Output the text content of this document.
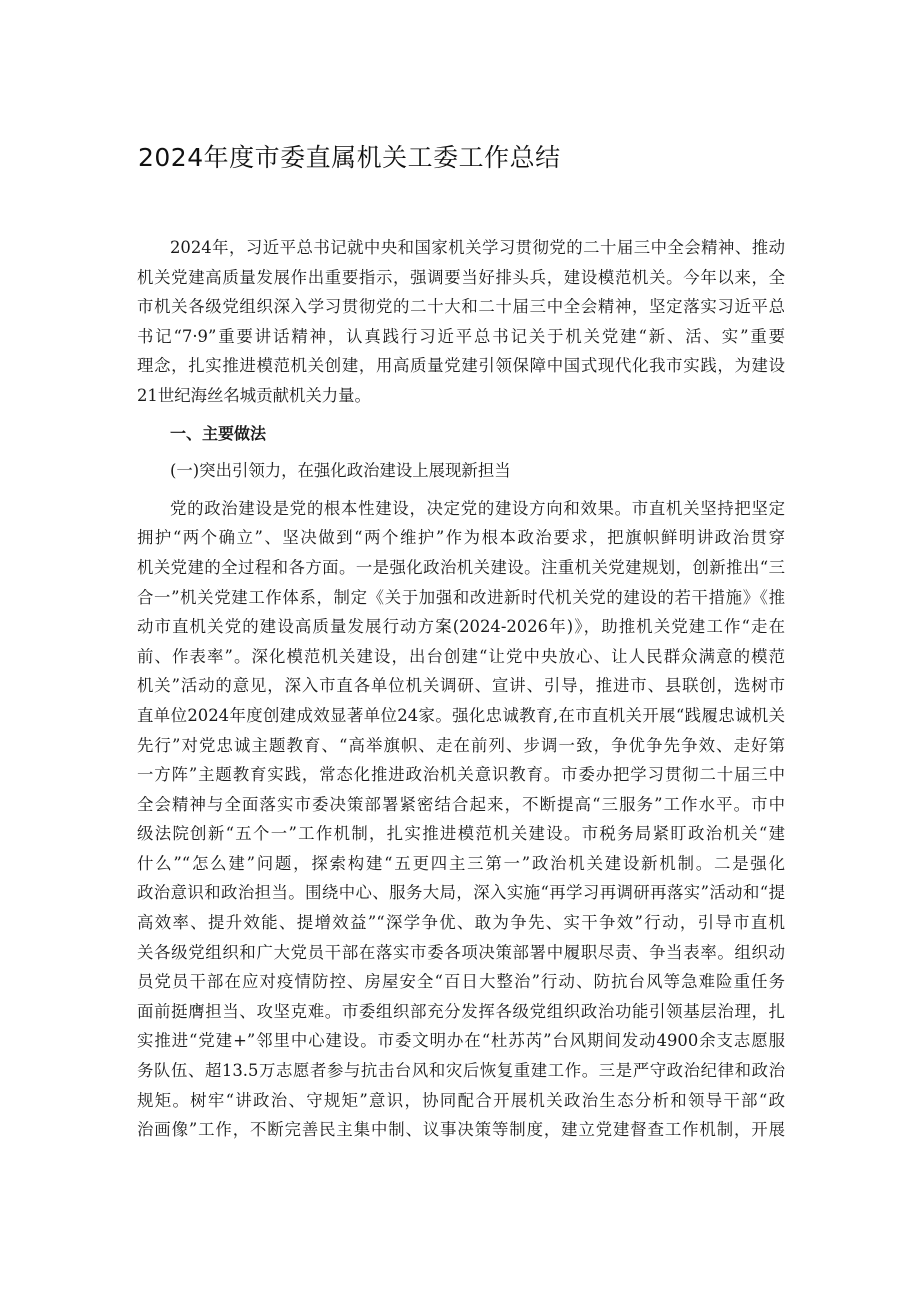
2024年度市委直属机关工委工作总结
2024年，习近平总书记就中央和国家机关学习贯彻党的二十届三中全会精神、推动
机关党建高质量发展作出重要指示，强调要当好排头兵，建设模范机关。今年以来，全
市机关各级党组织深入学习贯彻党的二十大和二十届三中全会精神，坚定落实习近平总
书记“7·9”重要讲话精神，认真践行习近平总书记关于机关党建“新、活、实”重要
理念，扎实推进模范机关创建，用高质量党建引领保障中国式现代化我市实践，为建设
21世纪海丝名城贡献机关力量。
一、主要做法
(一)突出引领力，在强化政治建设上展现新担当
党的政治建设是党的根本性建设，决定党的建设方向和效果。市直机关坚持把坚定
拥护“两个确立”、坚决做到“两个维护”作为根本政治要求，把旗帜鲜明讲政治贯穿
机关党建的全过程和各方面。一是强化政治机关建设。注重机关党建规划，创新推出“三
合一”机关党建工作体系，制定《关于加强和改进新时代机关党的建设的若干措施》《推
动市直机关党的建设高质量发展行动方案(2024-2026年)》，助推机关党建工作“走在
前、作表率”。深化模范机关建设，出台创建“让党中央放心、让人民群众满意的模范
机关”活动的意见，深入市直各单位机关调研、宣讲、引导，推进市、县联创，选树市
直单位2024年度创建成效显著单位24家。强化忠诚教育,在市直机关开展“践履忠诚机关
先行”对党忠诚主题教育、“高举旗帜、走在前列、步调一致，争优争先争效、走好第
一方阵”主题教育实践，常态化推进政治机关意识教育。市委办把学习贯彻二十届三中
全会精神与全面落实市委决策部署紧密结合起来，不断提高“三服务”工作水平。市中
级法院创新“五个一”工作机制，扎实推进模范机关建设。市税务局紧盯政治机关“建
什么”“怎么建”问题，探索构建“五更四主三第一”政治机关建设新机制。二是强化
政治意识和政治担当。围绕中心、服务大局，深入实施“再学习再调研再落实”活动和“提
高效率、提升效能、提增效益”“深学争优、敢为争先、实干争效”行动，引导市直机
关各级党组织和广大党员干部在落实市委各项决策部署中履职尽责、争当表率。组织动
员党员干部在应对疫情防控、房屋安全“百日大整治”行动、防抗台风等急难险重任务
面前挺膺担当、攻坚克难。市委组织部充分发挥各级党组织政治功能引领基层治理，扎
实推进“党建+”邻里中心建设。市委文明办在“杜苏芮”台风期间发动4900余支志愿服
务队伍、超13.5万志愿者参与抗击台风和灾后恢复重建工作。三是严守政治纪律和政治
规矩。树牢“讲政治、守规矩”意识，协同配合开展机关政治生态分析和领导干部“政
治画像”工作，不断完善民主集中制、议事决策等制度，建立党建督查工作机制，开展
